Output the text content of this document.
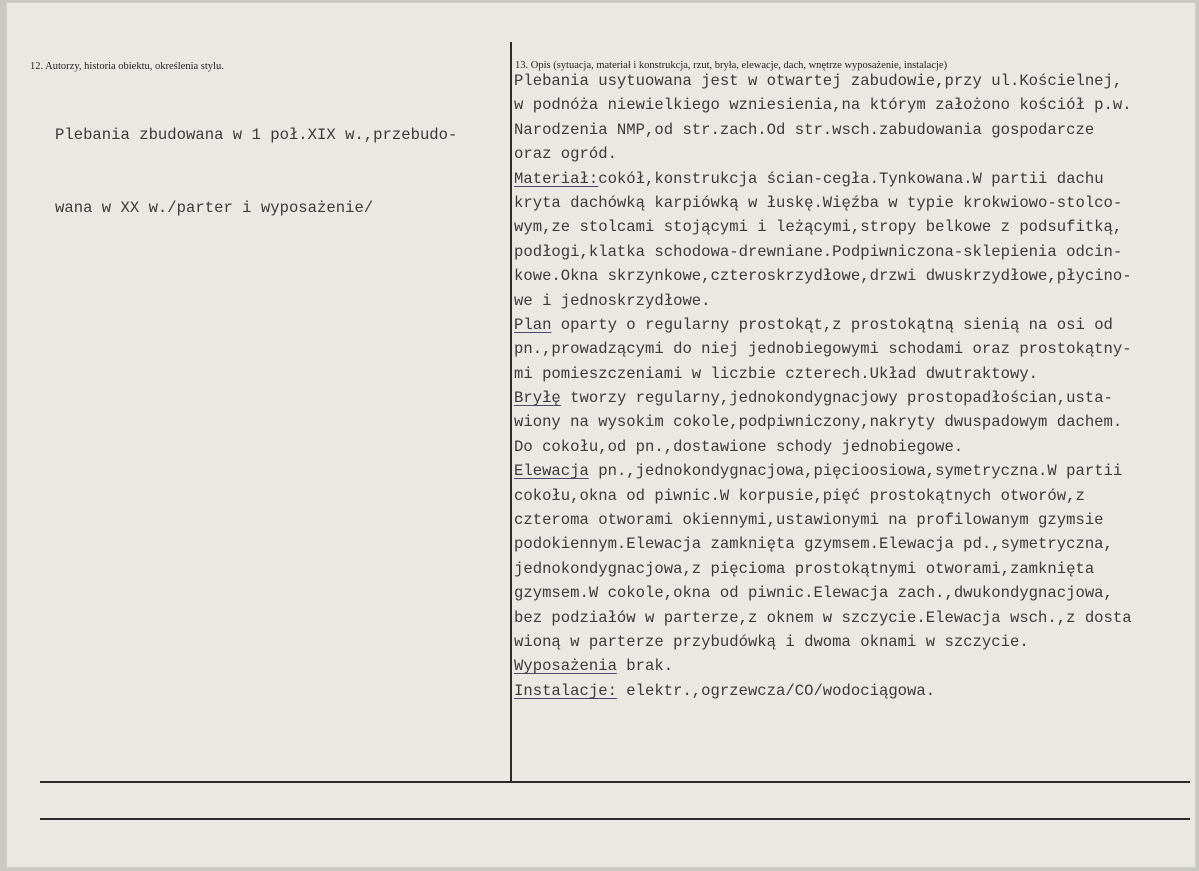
12. Autorzy, historia obiektu, określenia stylu.

Plebania zbudowana w 1 poł.XIX w.,przebudo-

wana w XX w./parter i wyposażenie/

13. Opis (sytuacja, materiał i konstrukcja, rzut, bryła, elewacje, dach, wnętrze wyposażenie, instalacje)
Plebania usytuowana jest w otwartej zabudowie,przy ul.Kościelnej,
w podnóża niewielkiego wzniesienia,na którym założono kościół p.w.
Narodzenia NMP,od str.zach.Od str.wsch.zabudowania gospodarcze
oraz ogród.
Materiał:cokół,konstrukcja ścian-cegła.Tynkowana.W partii dachu
kryta dachówką karpiówką w łuskę.Więźba w typie krokwiowo-stolco-
wym,ze stolcami stojącymi i leżącymi,stropy belkowe z podsufitką,
podłogi,klatka schodowa-drewniane.Podpiwniczona-sklepienia odcin-
kowe.Okna skrzynkowe,czteroskrzydłowe,drzwi dwuskrzydłowe,płycino-
we i jednoskrzydłowe.
Plan oparty o regularny prostokąt,z prostokątną sienią na osi od
pn.,prowadzącymi do niej jednobiegowymi schodami oraz prostokątny-
mi pomieszczeniami w liczbie czterech.Układ dwutraktowy.
Bryłę tworzy regularny,jednokondygnacjowy prostopadłościan,usta-
wiony na wysokim cokole,podpiwniczony,nakryty dwuspadowym dachem.
Do cokołu,od pn.,dostawione schody jednobiegowe.
Elewacja pn.,jednokondygnacjowa,pięcioosiowa,symetryczna.W partii
cokołu,okna od piwnic.W korpusie,pięć prostokątnych otworów,z
czteroma otworami okiennymi,ustawionymi na profilowanym gzymsie
podokiennym.Elewacja zamknięta gzymsem.Elewacja pd.,symetryczna,
jednokondygnacjowa,z pięcioma prostokątnymi otworami,zamknięta
gzymsem.W cokole,okna od piwnic.Elewacja zach.,dwukondygnacjowa,
bez podziałów w parterze,z oknem w szczycie.Elewacja wsch.,z dosta
wioną w parterze przybudówką i dwoma oknami w szczycie.
Wyposażenia brak.
Instalacje: elektr.,ogrzewcza/CO/wodociągowa.
